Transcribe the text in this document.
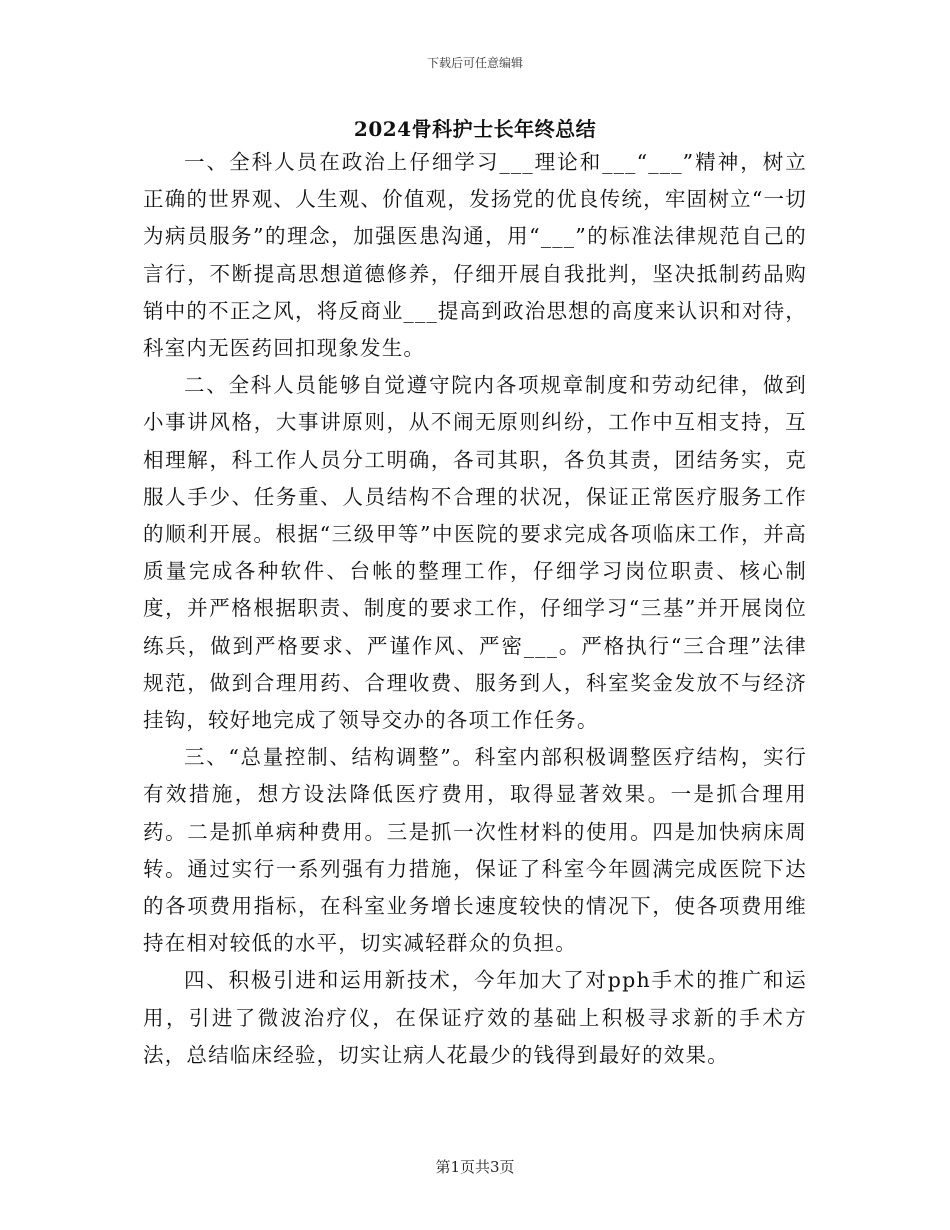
下载后可任意编辑
2024骨科护士长年终总结

一、全科人员在政治上仔细学习___理论和___“___”精神，树立正确的世界观、人生观、价值观，发扬党的优良传统，牢固树立“一切为病员服务”的理念，加强医患沟通，用“___”的标准法律规范自己的言行，不断提高思想道德修养，仔细开展自我批判，坚决抵制药品购销中的不正之风，将反商业___提高到政治思想的高度来认识和对待，科室内无医药回扣现象发生。

二、全科人员能够自觉遵守院内各项规章制度和劳动纪律，做到小事讲风格，大事讲原则，从不闹无原则纠纷，工作中互相支持，互相理解，科工作人员分工明确，各司其职，各负其责，团结务实，克服人手少、任务重、人员结构不合理的状况，保证正常医疗服务工作的顺利开展。根据“三级甲等”中医院的要求完成各项临床工作，并高质量完成各种软件、台帐的整理工作，仔细学习岗位职责、核心制度，并严格根据职责、制度的要求工作，仔细学习“三基”并开展岗位练兵，做到严格要求、严谨作风、严密___。严格执行“三合理”法律规范，做到合理用药、合理收费、服务到人，科室奖金发放不与经济挂钩，较好地完成了领导交办的各项工作任务。

三、“总量控制、结构调整”。科室内部积极调整医疗结构，实行有效措施，想方设法降低医疗费用，取得显著效果。一是抓合理用药。二是抓单病种费用。三是抓一次性材料的使用。四是加快病床周转。通过实行一系列强有力措施，保证了科室今年圆满完成医院下达的各项费用指标，在科室业务增长速度较快的情况下，使各项费用维持在相对较低的水平，切实减轻群众的负担。

四、积极引进和运用新技术，今年加大了对pph手术的推广和运用，引进了微波治疗仪，在保证疗效的基础上积极寻求新的手术方法，总结临床经验，切实让病人花最少的钱得到最好的效果。

第1页共3页
